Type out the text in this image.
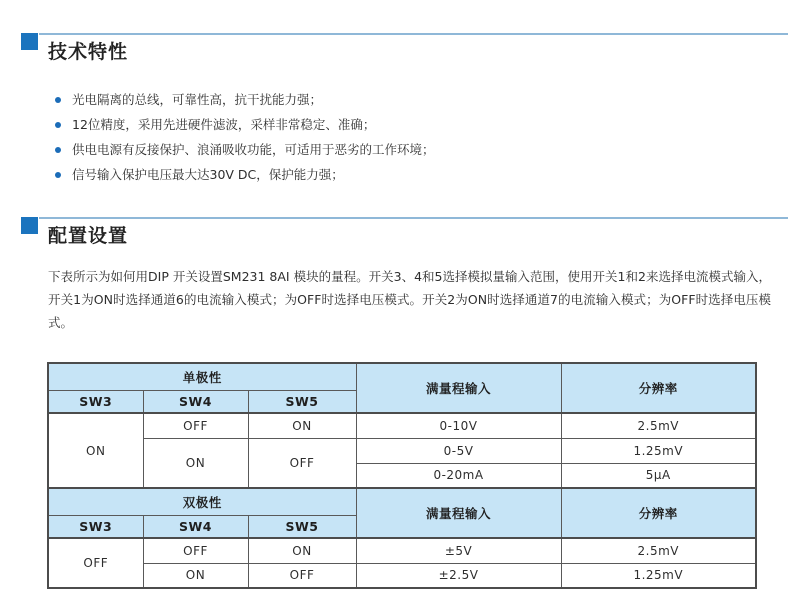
技术特性
光电隔离的总线，可靠性高，抗干扰能力强；
12位精度，采用先进硬件滤波，采样非常稳定、准确；
供电电源有反接保护、浪涌吸收功能，可适用于恶劣的工作环境；
信号输入保护电压最大达30V DC，保护能力强；
配置设置

下表所示为如何用DIP 开关设置SM231 8AI 模块的量程。开关3、4和5选择模拟量输入范围，使用开关1和2来选择电流模式输入，开关1为ON时选择通道6的电流输入模式；为OFF时选择电压模式。开关2为ON时选择通道7的电流输入模式；为OFF时选择电压模式。

单极性			满量程输入	分辨率
SW3	SW4	SW5		
ON	OFF	ON	0-10V	2.5mV
	ON	OFF	0-5V	1.25mV
			0-20mA	5μA
双极性			满量程输入	分辨率
SW3	SW4	SW5		
OFF	OFF	ON	±5V	2.5mV
	ON	OFF	±2.5V	1.25mV
